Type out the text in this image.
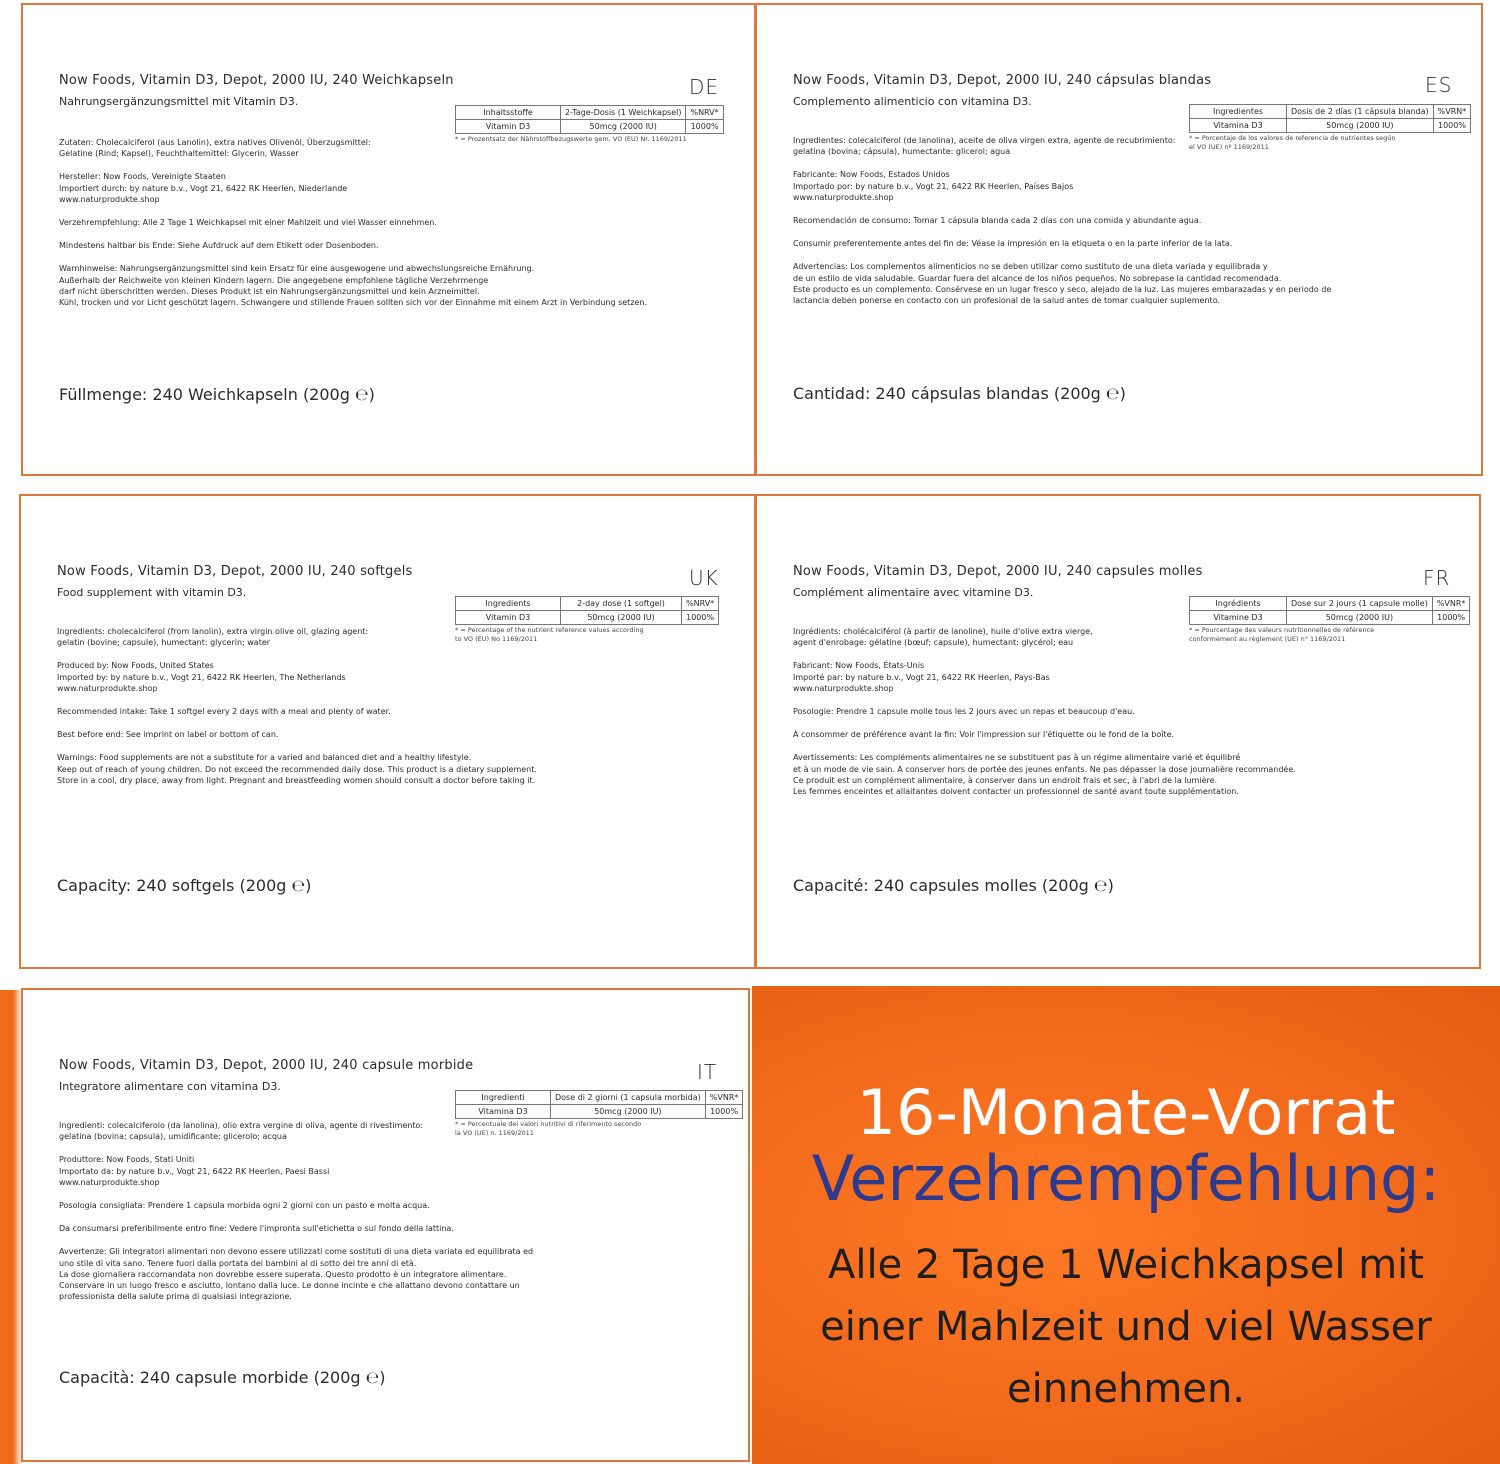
Now Foods, Vitamin D3, Depot, 2000 IU, 240 Weichkapseln
Nahrungsergänzungsmittel mit Vitamin D3.
DE
Inhaltsstoffe	2-Tage-Dosis (1 Weichkapsel)	%NRV*
Vitamin D3	50mcg (2000 IU)	1000%
* = Prozentsatz der Nährstoffbezugswerte gem. VO (EU) Nr. 1169/2011

Zutaten: Cholecalciferol (aus Lanolin), extra natives Olivenöl, Überzugsmittel:
Gelatine (Rind; Kapsel), Feuchthaltemittel: Glycerin, Wasser

Hersteller: Now Foods, Vereinigte Staaten
Importiert durch: by nature b.v., Vogt 21, 6422 RK Heerlen, Niederlande
www.naturprodukte.shop

Verzehrempfehlung: Alle 2 Tage 1 Weichkapsel mit einer Mahlzeit und viel Wasser einnehmen.

Mindestens haltbar bis Ende: Siehe Aufdruck auf dem Etikett oder Dosenboden.

Warnhinweise: Nahrungsergänzungsmittel sind kein Ersatz für eine ausgewogene und abwechslungsreiche Ernährung.
Außerhalb der Reichweite von kleinen Kindern lagern. Die angegebene empfohlene tägliche Verzehrmenge
darf nicht überschritten werden. Dieses Produkt ist ein Nahrungsergänzungsmittel und kein Arzneimittel.
Kühl, trocken und vor Licht geschützt lagern. Schwangere und stillende Frauen sollten sich vor der Einnahme mit einem Arzt in Verbindung setzen.

Füllmenge: 240 Weichkapseln (200g ℮)
Now Foods, Vitamin D3, Depot, 2000 IU, 240 cápsulas blandas
Complemento alimenticio con vitamina D3.
ES
Ingredientes	Dosis de 2 días (1 cápsula blanda)	%VRN*
Vitamina D3	50mcg (2000 IU)	1000%
* = Porcentaje de los valores de referencia de nutrientes según
el VO (UE) nº 1169/2011

Ingredientes: colecalciferol (de lanolina), aceite de oliva virgen extra, agente de recubrimiento:
gelatina (bovina; cápsula), humectante: glicerol; agua

Fabricante: Now Foods, Estados Unidos
Importado por: by nature b.v., Vogt 21, 6422 RK Heerlen, Países Bajos
www.naturprodukte.shop

Recomendación de consumo: Tomar 1 cápsula blanda cada 2 días con una comida y abundante agua.

Consumir preferentemente antes del fin de: Véase la impresión en la etiqueta o en la parte inferior de la lata.

Advertencias: Los complementos alimenticios no se deben utilizar como sustituto de una dieta variada y equilibrada y
de un estilo de vida saludable. Guardar fuera del alcance de los niños pequeños. No sobrepase la cantidad recomendada.
Este producto es un complemento. Consérvese en un lugar fresco y seco, alejado de la luz. Las mujeres embarazadas y en periodo de
lactancia deben ponerse en contacto con un profesional de la salud antes de tomar cualquier suplemento.

Cantidad: 240 cápsulas blandas (200g ℮)
Now Foods, Vitamin D3, Depot, 2000 IU, 240 softgels
Food supplement with vitamin D3.
UK
Ingredients	2-day dose (1 softgel)	%NRV*
Vitamin D3	50mcg (2000 IU)	1000%
* = Percentage of the nutrient reference values according
to VO (EU) No 1169/2011

Ingredients: cholecalciferol (from lanolin), extra virgin olive oil, glazing agent:
gelatin (bovine; capsule), humectant: glycerin; water

Produced by: Now Foods, United States
Imported by: by nature b.v., Vogt 21, 6422 RK Heerlen, The Netherlands
www.naturprodukte.shop

Recommended intake: Take 1 softgel every 2 days with a meal and plenty of water.

Best before end: See imprint on label or bottom of can.

Warnings: Food supplements are not a substitute for a varied and balanced diet and a healthy lifestyle.
Keep out of reach of young children. Do not exceed the recommended daily dose. This product is a dietary supplement.
Store in a cool, dry place, away from light. Pregnant and breastfeeding women should consult a doctor before taking it.

Capacity: 240 softgels (200g ℮)
Now Foods, Vitamin D3, Depot, 2000 IU, 240 capsules molles
Complément alimentaire avec vitamine D3.
FR
Ingrédients	Dose sur 2 jours (1 capsule molle)	%VNR*
Vitamine D3	50mcg (2000 IU)	1000%
* = Pourcentage des valeurs nutritionnelles de référence
conformément au règlement (UE) n° 1169/2011

Ingrédients: cholécalciférol (à partir de lanoline), huile d'olive extra vierge,
agent d'enrobage: gélatine (bœuf; capsule), humectant: glycérol; eau

Fabricant: Now Foods, États-Unis
Importé par: by nature b.v., Vogt 21, 6422 RK Heerlen, Pays-Bas
www.naturprodukte.shop

Posologie: Prendre 1 capsule molle tous les 2 jours avec un repas et beaucoup d'eau.

À consommer de préférence avant la fin: Voir l'impression sur l'étiquette ou le fond de la boîte.

Avertissements: Les compléments alimentaires ne se substituent pas à un régime alimentaire varié et équilibré
et à un mode de vie sain. A conserver hors de portée des jeunes enfants. Ne pas dépasser la dose journalière recommandée.
Ce produit est un complément alimentaire, à conserver dans un endroit frais et sec, à l'abri de la lumière.
Les femmes enceintes et allaitantes doivent contacter un professionnel de santé avant toute supplémentation.

Capacité: 240 capsules molles (200g ℮)
Now Foods, Vitamin D3, Depot, 2000 IU, 240 capsule morbide
Integratore alimentare con vitamina D3.
IT
Ingredienti	Dose di 2 giorni (1 capsula morbida)	%VNR*
Vitamina D3	50mcg (2000 IU)	1000%
* = Percentuale dei valori nutritivi di riferimento secondo
la VO (UE) n. 1169/2011

Ingredienti: colecalciferolo (da lanolina), olio extra vergine di oliva, agente di rivestimento:
gelatina (bovina; capsula), umidificante: glicerolo; acqua

Produttore: Now Foods, Stati Uniti
Importato da: by nature b.v., Vogt 21, 6422 RK Heerlen, Paesi Bassi
www.naturprodukte.shop

Posologia consigliata: Prendere 1 capsula morbida ogni 2 giorni con un pasto e molta acqua.

Da consumarsi preferibilmente entro fine: Vedere l'impronta sull'etichetta o sul fondo della lattina.

Avvertenze: Gli integratori alimentari non devono essere utilizzati come sostituti di una dieta variata ed equilibrata ed
uno stile di vita sano. Tenere fuori dalla portata dei bambini al di sotto dei tre anni di età.
La dose giornaliera raccomandata non dovrebbe essere superata. Questo prodotto è un integratore alimentare.
Conservare in un luogo fresco e asciutto, lontano dalla luce. Le donne incinte e che allattano devono contattare un
professionista della salute prima di qualsiasi integrazione.

Capacità: 240 capsule morbide (200g ℮)
16-Monate-Vorrat
Verzehrempfehlung:
Alle 2 Tage 1 Weichkapsel mit
einer Mahlzeit und viel Wasser
einnehmen.
